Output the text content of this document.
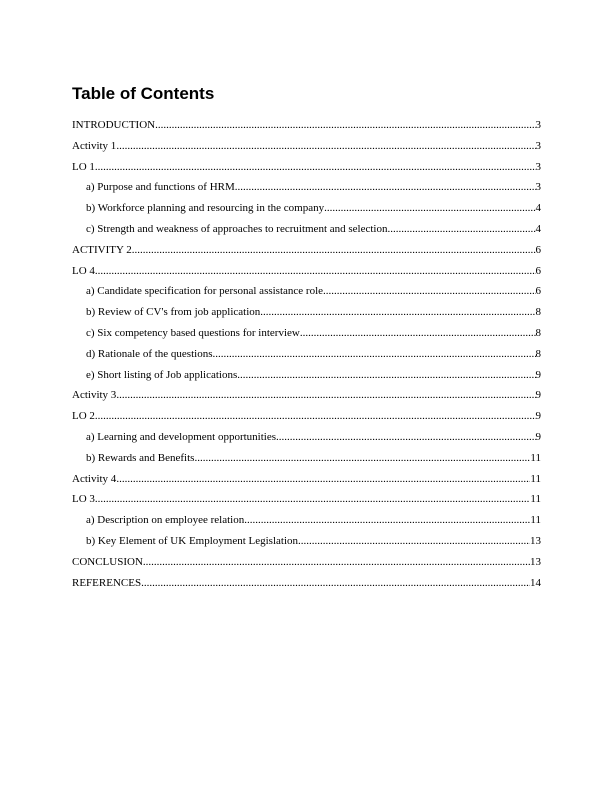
Table of Contents
INTRODUCTION .....	3
Activity 1 .....	3
LO 1 .....	3
a) Purpose and functions of HRM .....	3
b) Workforce planning and resourcing in the company .....	4
c) Strength and weakness of approaches to recruitment and selection .....	4
ACTIVITY 2 .....	6
LO 4 .....	6
a) Candidate specification for personal assistance role .....	6
b) Review of CV's from job application .....	8
c) Six competency based questions for interview .....	8
d) Rationale of the questions .....	8
e) Short listing of Job applications .....	9
Activity 3 .....	9
LO 2 .....	9
a) Learning and development opportunities .....	9
b) Rewards and Benefits .....	11
Activity 4 .....	11
LO 3 .....	11
a) Description on employee relation .....	11
b) Key Element of UK Employment Legislation .....	13
CONCLUSION .....	13
REFERENCES .....	14
